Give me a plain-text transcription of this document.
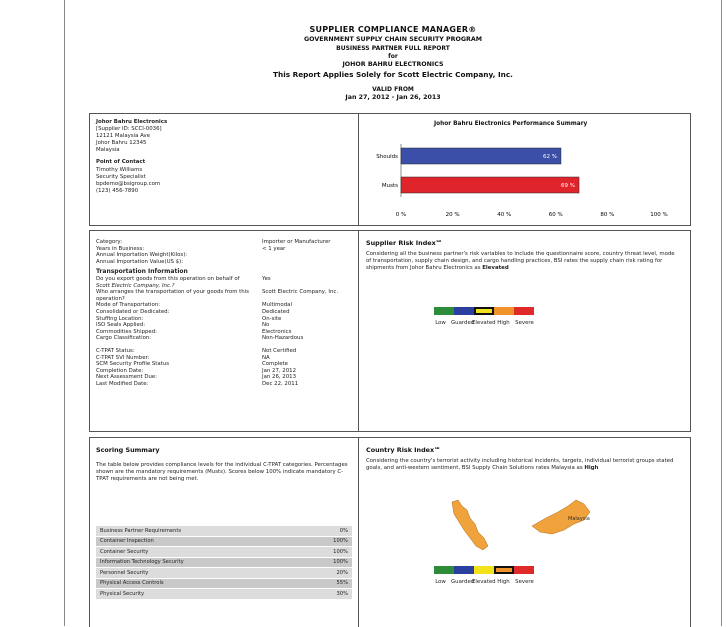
SUPPLIER COMPLIANCE MANAGER®
GOVERNMENT SUPPLY CHAIN SECURITY PROGRAM
BUSINESS PARTNER FULL REPORT
for
JOHOR BAHRU ELECTRONICS
This Report Applies Solely for Scott Electric Company, Inc.
VALID FROM
Jan 27, 2012 - Jan 26, 2013
Johor Bahru Electronics
[Supplier ID: SCCI-0036]
12121 Malaysia Ave
Johor Bahru 12345
Malaysia
Point of Contact
Timothy Williams
Security Specialist
bpdemo@bsigroup.com
(123) 456-7890
Johor Bahru Electronics Performance Summary
Shoulds	62 %
Musts	69 %
0 %	20 %	40 %	60 %	80 %	100 %
Category:	Importer or Manufacturer
Years in Business:	< 1 year
Annual Importation Weight(Kilos):
Annual Importation Value(US $):
Transportation Information
Do you export goods from this operation on behalf of	Yes
Scott Electric Company, Inc.?
Who arranges the transportation of your goods from this Scott Electric Company, Inc.
operation?
Mode of Transportation:	Multimodal
Consolidated or Dedicated:	Dedicated
Stuffing Location:	On-site
ISO Seals Applied:	No
Commodities Shipped:	Electronics
Cargo Classification:	Non-Hazardous
C-TPAT Status:	Not Certified
C-TPAT SVI Number:	NA
SCM Security Profile Status	Complete
Completion Date:	Jan 27, 2012
Next Assessment Due:	Jan 26, 2013
Last Modified Date:	Dec 22, 2011
Supplier Risk Index℠
Considering all the business partner's risk variables to include the questionnaire score, country threat level, mode of transportation, supply chain design, and cargo handling practices, BSI rates the supply chain risk rating for shipments from Johor Bahru Electronics as Elevated
Low Guarded
Elevated High	Severe
Scoring Summary
The table below provides compliance levels for the individual C-TPAT categories. Percentages shown are the mandatory requirements (Musts). Scores below 100% indicate mandatory C-TPAT requirements are not being met.
Business Partner Requirements	0%
Container Inspection	100%
Container Security	100%
Information Technology Security	100%
Personnel Security	20%
Physical Access Controls	55%
Physical Security	30%
Country Risk Index℠
Considering the country's terrorist activity including historical incidents, targets, individual terrorist groups stated goals, and anti-western sentiment, BSI Supply Chain Solutions rates Malaysia as High
Malaysia
Low Guarded
Elevated High	Severe
